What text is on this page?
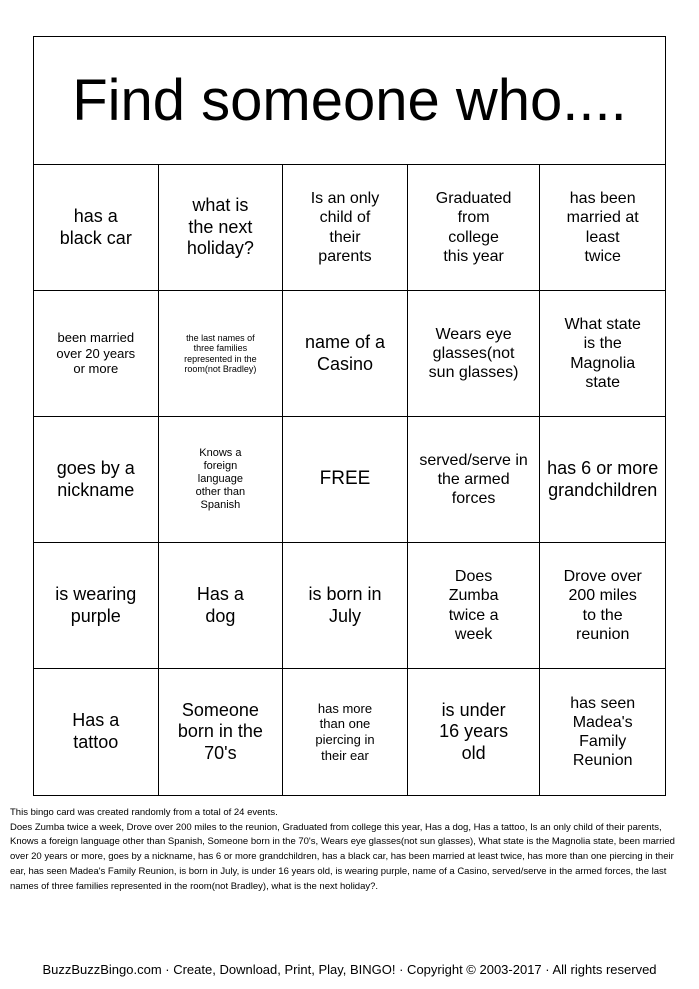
Find someone who....
has a black car
what is the next holiday?
Is an only child of their parents
Graduated from college this year
has been married at least twice
been married over 20 years or more
the last names of three families represented in the room(not Bradley)
name of a Casino
Wears eye glasses(not sun glasses)
What state is the Magnolia state
goes by a nickname
Knows a foreign language other than Spanish
FREE
served/serve in the armed forces
has 6 or more grandchildren
is wearing purple
Has a dog
is born in July
Does Zumba twice a week
Drove over 200 miles to the reunion
Has a tattoo
Someone born in the 70's
has more than one piercing in their ear
is under 16 years old
has seen Madea's Family Reunion
This bingo card was created randomly from a total of 24 events.
Does Zumba twice a week, Drove over 200 miles to the reunion, Graduated from college this year, Has a dog, Has a tattoo, Is an only child of their parents, Knows a foreign language other than Spanish, Someone born in the 70's, Wears eye glasses(not sun glasses), What state is the Magnolia state, been married over 20 years or more, goes by a nickname, has 6 or more grandchildren, has a black car, has been married at least twice, has more than one piercing in their ear, has seen Madea's Family Reunion, is born in July, is under 16 years old, is wearing purple, name of a Casino, served/serve in the armed forces, the last names of three families represented in the room(not Bradley), what is the next holiday?.
BuzzBuzzBingo.com · Create, Download, Print, Play, BINGO! · Copyright © 2003-2017 · All rights reserved
